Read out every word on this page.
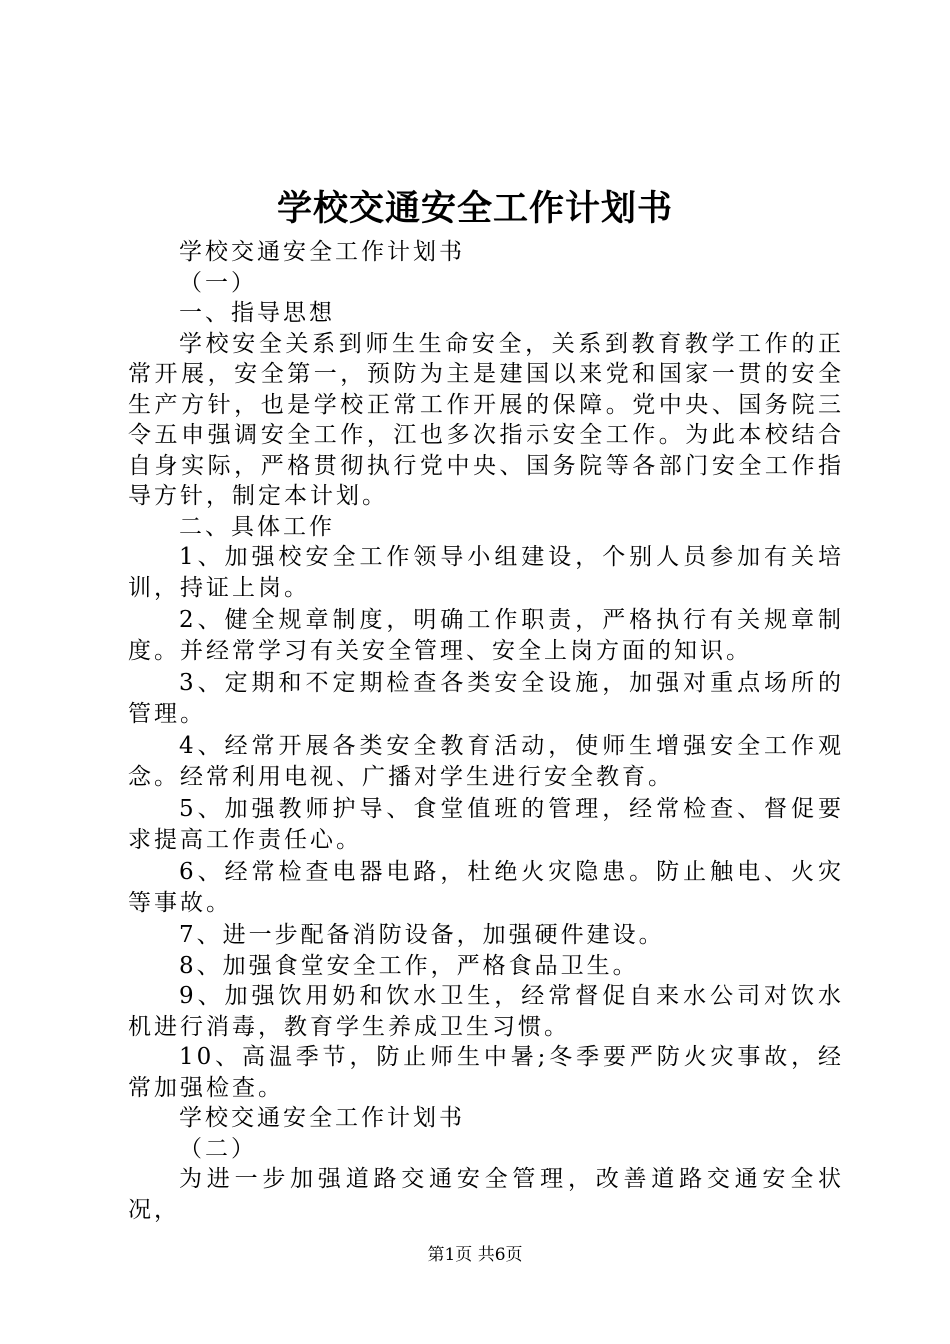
学校交通安全工作计划书

学校交通安全工作计划书

（一）

一、指导思想

学校安全关系到师生生命安全，关系到教育教学工作的正常开展，安全第一，预防为主是建国以来党和国家一贯的安全生产方针，也是学校正常工作开展的保障。党中央、国务院三令五申强调安全工作，江也多次指示安全工作。为此本校结合自身实际，严格贯彻执行党中央、国务院等各部门安全工作指导方针，制定本计划。

二、具体工作

1、加强校安全工作领导小组建设，个别人员参加有关培训，持证上岗。

2、健全规章制度，明确工作职责，严格执行有关规章制度。并经常学习有关安全管理、安全上岗方面的知识。

3、定期和不定期检查各类安全设施，加强对重点场所的管理。

4、经常开展各类安全教育活动，使师生增强安全工作观念。经常利用电视、广播对学生进行安全教育。

5、加强教师护导、食堂值班的管理，经常检查、督促要求提高工作责任心。

6、经常检查电器电路，杜绝火灾隐患。防止触电、火灾等事故。

7、进一步配备消防设备，加强硬件建设。

8、加强食堂安全工作，严格食品卫生。

9、加强饮用奶和饮水卫生，经常督促自来水公司对饮水机进行消毒，教育学生养成卫生习惯。

10、高温季节，防止师生中暑;冬季要严防火灾事故，经常加强检查。

学校交通安全工作计划书

（二）

为进一步加强道路交通安全管理，改善道路交通安全状况，

第1页 共6页
